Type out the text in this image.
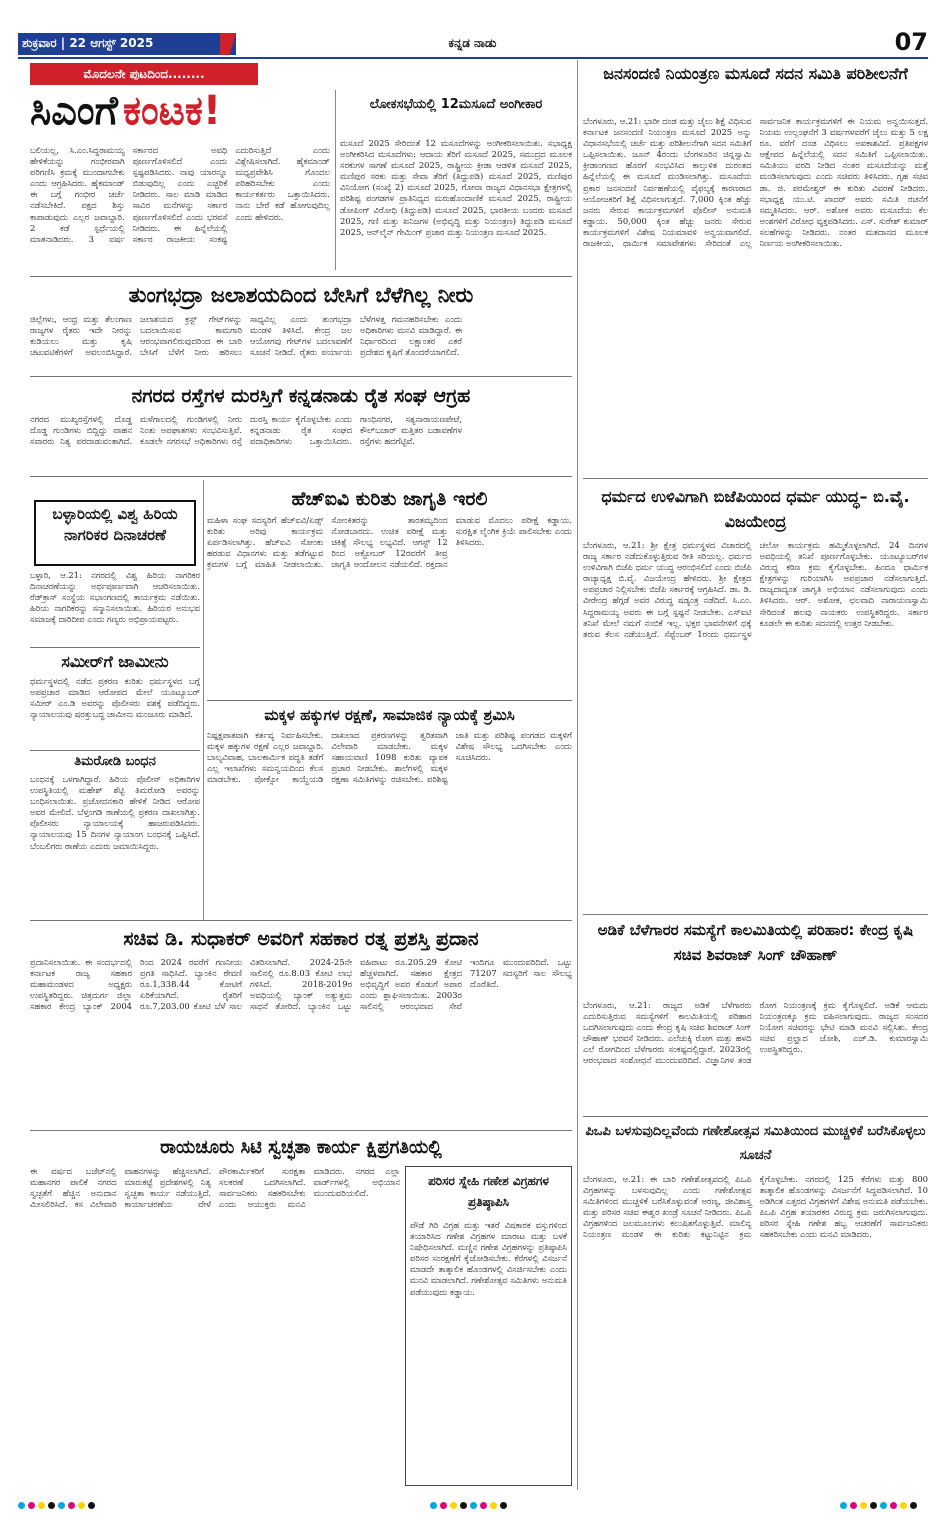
ಶುಕ್ರವಾರ | 22 ಆಗಸ್ಟ್ 2025	ಕನ್ನಡ ನಾಡು	07
ಮೊದಲನೇ ಪುಟದಿಂದ........
ಸಿಎಂಗೆ ಕಂಟಕ!
ಬಲಿಯಲ್ಲ, ಸಿ.ಎಂ.ಸಿದ್ದರಾಮಯ್ಯ ಹೇಳಿಕೆಯನ್ನು ಗಂಭೀರವಾಗಿ ಪರಿಗಣಿಸಿ ಕ್ರಮಕ್ಕೆ ಮುಂದಾಗಬೇಕು ಎಂದು ಆಗ್ರಹಿಸಿದರು. ಹೈಕಮಾಂಡ್ ಈ ಬಗ್ಗೆ ಗಂಭೀರ ಚರ್ಚೆ ನಡೆಸಬೇಕಿದೆ. ಪಕ್ಷದ ಶಿಸ್ತು ಕಾಪಾಡುವುದು ಎಲ್ಲರ ಜವಾಬ್ದಾರಿ. 2 ಕಡೆ ಸ್ಪರ್ಧೆಯಲ್ಲಿ ಮಾತನಾಡಿದರು. 3 ವರ್ಷ ಸರ್ಕಾರದ ಅವಧಿ ಪೂರ್ಣಗೊಳಿಸಲಿದೆ ಎಂದು ಸ್ಪಷ್ಟಪಡಿಸಿದರು. ನಾವು ಯಾರನ್ನೂ ಬಿಡುವುದಿಲ್ಲ ಎಂದು ಎಚ್ಚರಿಕೆ ನೀಡಿದರು. ಸಾಲ ಮಾಡಿ ಮಾಡಿದ ಸಾವಿರ ಮನೆಗಳನ್ನು ಸರ್ಕಾರ ಪೂರ್ಣಗೊಳಿಸಲಿದೆ ಎಂದು ಭರವಸೆ ನೀಡಿದರು. ಈ ಹಿನ್ನೆಲೆಯಲ್ಲಿ ಸರ್ಕಾರ ರಾಜಕೀಯ ಸಂಕಷ್ಟ ಎದುರಿಸುತ್ತಿದೆ ಎಂದು ವಿಶ್ಲೇಷಿಸಲಾಗಿದೆ. ಹೈಕಮಾಂಡ್ ಮಧ್ಯಪ್ರವೇಶಿಸಿ ಗೊಂದಲ ಪರಿಹರಿಸಬೇಕು ಎಂದು ಕಾರ್ಯಕರ್ತರು ಒತ್ತಾಯಿಸಿದರು. ನಾನು ಬೇರೆ ಕಡೆ ಹೋಗುವುದಿಲ್ಲ ಎಂದು ಹೇಳಿದರು.
ಲೋಕಸಭೆಯಲ್ಲಿ 12ಮಸೂದೆ ಅಂಗೀಕಾರ
ಮಸೂದೆ 2025 ಸೇರಿದಂತೆ 12 ಮಸೂದೆಗಳನ್ನು ಅಂಗೀಕರಿಸಲಾಯಿತು. ಸಭಾಧ್ಯಕ್ಷ ಅಂಗೀಕರಿಸಿದ ಮಸೂದೆಗಳು: ಆದಾಯ ತೆರಿಗೆ ಮಸೂದೆ 2025, ಸಮುದ್ರದ ಮೂಲಕ ಸರಕುಗಳ ಸಾಗಣೆ ಮಸೂದೆ 2025, ರಾಷ್ಟ್ರೀಯ ಕ್ರೀಡಾ ಆಡಳಿತ ಮಸೂದೆ 2025, ಮಣಿಪುರ ಸರಕು ಮತ್ತು ಸೇವಾ ತೆರಿಗೆ (ತಿದ್ದುಪಡಿ) ಮಸೂದೆ 2025, ಮಣಿಪುರ ವಿನಿಯೋಗ (ಸಂಖ್ಯೆ 2) ಮಸೂದೆ 2025, ಗೋವಾ ರಾಜ್ಯದ ವಿಧಾನಸಭಾ ಕ್ಷೇತ್ರಗಳಲ್ಲಿ ಪರಿಶಿಷ್ಟ ಪಂಗಡಗಳ ಪ್ರಾತಿನಿಧ್ಯದ ಮರುಹೊಂದಾಣಿಕೆ ಮಸೂದೆ 2025, ರಾಷ್ಟ್ರೀಯ ಡೋಪಿಂಗ್ ವಿರೋಧಿ (ತಿದ್ದುಪಡಿ) ಮಸೂದೆ 2025, ಭಾರತೀಯ ಬಂದರು ಮಸೂದೆ 2025, ಗಣಿ ಮತ್ತು ಖನಿಜಗಳ (ಅಭಿವೃದ್ಧಿ ಮತ್ತು ನಿಯಂತ್ರಣ) ತಿದ್ದುಪಡಿ ಮಸೂದೆ 2025, ಆನ್‌ಲೈನ್ ಗೇಮಿಂಗ್ ಪ್ರಚಾರ ಮತ್ತು ನಿಯಂತ್ರಣ ಮಸೂದೆ 2025.
ತುಂಗಭದ್ರಾ ಜಲಾಶಯದಿಂದ ಬೇಸಿಗೆ ಬೆಳೆಗಿಲ್ಲ ನೀರು
ಜಿಲ್ಲೆಗಳು, ಆಂಧ್ರ ಮತ್ತು ತೆಲಂಗಾಣ ರಾಜ್ಯಗಳ ರೈತರು ಇದೇ ನೀರನ್ನು ಕುಡಿಯಲು ಮತ್ತು ಕೃಷಿ ಚಟುವಟಿಕೆಗಳಿಗೆ ಅವಲಂಬಿಸಿದ್ದಾರೆ. ಜಲಾಶಯದ ಕ್ರಸ್ಟ್ ಗೇಟ್‌ಗಳನ್ನು ಬದಲಾಯಿಸುವ ಕಾಮಗಾರಿ ಆರಂಭವಾಗಲಿರುವುದರಿಂದ ಈ ಬಾರಿ ಬೇಸಿಗೆ ಬೆಳೆಗೆ ನೀರು ಹರಿಸಲು ಸಾಧ್ಯವಿಲ್ಲ ಎಂದು ತುಂಗಭದ್ರಾ ಮಂಡಳಿ ತಿಳಿಸಿದೆ. ಕೇಂದ್ರ ಜಲ ಆಯೋಗವು ಗೇಟ್‌ಗಳ ಬದಲಾವಣೆಗೆ ಸೂಚನೆ ನೀಡಿದೆ. ರೈತರು ಪರ್ಯಾಯ ಬೆಳೆಗಳತ್ತ ಗಮನಹರಿಸಬೇಕು ಎಂದು ಅಧಿಕಾರಿಗಳು ಮನವಿ ಮಾಡಿದ್ದಾರೆ. ಈ ನಿರ್ಧಾರದಿಂದ ಲಕ್ಷಾಂತರ ಎಕರೆ ಪ್ರದೇಶದ ಕೃಷಿಗೆ ತೊಂದರೆಯಾಗಲಿದೆ.
ನಗರದ ರಸ್ತೆಗಳ ದುರಸ್ತಿಗೆ ಕನ್ನಡನಾಡು ರೈತ ಸಂಘ ಆಗ್ರಹ
ನಗರದ ಮುಖ್ಯರಸ್ತೆಗಳಲ್ಲಿ ದೊಡ್ಡ ದೊಡ್ಡ ಗುಂಡಿಗಳು ಬಿದ್ದಿದ್ದು ವಾಹನ ಸವಾರರು ನಿತ್ಯ ಪರದಾಡುವಂತಾಗಿದೆ. ಮಳೆಗಾಲದಲ್ಲಿ ಗುಂಡಿಗಳಲ್ಲಿ ನೀರು ನಿಂತು ಅಪಘಾತಗಳು ಸಂಭವಿಸುತ್ತಿವೆ. ಕೂಡಲೇ ನಗರಸಭೆ ಅಧಿಕಾರಿಗಳು ರಸ್ತೆ ದುರಸ್ತಿ ಕಾರ್ಯ ಕೈಗೊಳ್ಳಬೇಕು ಎಂದು ಕನ್ನಡನಾಡು ರೈತ ಸಂಘದ ಪದಾಧಿಕಾರಿಗಳು ಒತ್ತಾಯಿಸಿದರು. ಗಾಂಧಿನಗರ, ಸತ್ಯನಾರಾಯಣಪೇಟೆ, ಕೌಲ್‌ಬಜಾರ್ ಮತ್ತಿತರ ಬಡಾವಣೆಗಳ ರಸ್ತೆಗಳು ಹದಗೆಟ್ಟಿವೆ.
ಬಳ್ಳಾರಿಯಲ್ಲಿ ವಿಶ್ವ ಹಿರಿಯ ನಾಗರಿಕರ ದಿನಾಚರಣೆ
ಬಳ್ಳಾರಿ, ಆ.21: ನಗರದಲ್ಲಿ ವಿಶ್ವ ಹಿರಿಯ ನಾಗರಿಕರ ದಿನಾಚರಣೆಯನ್ನು ಅರ್ಥಪೂರ್ಣವಾಗಿ ಆಚರಿಸಲಾಯಿತು. ರೆಡ್‌ಕ್ರಾಸ್ ಸಂಸ್ಥೆಯ ಸಭಾಂಗಣದಲ್ಲಿ ಕಾರ್ಯಕ್ರಮ ನಡೆಯಿತು. ಹಿರಿಯ ನಾಗರಿಕರನ್ನು ಸನ್ಮಾನಿಸಲಾಯಿತು. ಹಿರಿಯರ ಅನುಭವ ಸಮಾಜಕ್ಕೆ ದಾರಿದೀಪ ಎಂದು ಗಣ್ಯರು ಅಭಿಪ್ರಾಯಪಟ್ಟರು.
ಸಮೀರ್‌ಗೆ ಜಾಮೀನು
ಧರ್ಮಸ್ಥಳದಲ್ಲಿ ನಡೆದ ಪ್ರಕರಣ ಕುರಿತು ಧರ್ಮಸ್ಥಳದ ಬಗ್ಗೆ ಅಪಪ್ರಚಾರ ಮಾಡಿದ ಆರೋಪದ ಮೇಲೆ ಯೂಟ್ಯೂಬರ್ ಸಮೀರ್ ಎಂ.ಡಿ ಅವರನ್ನು ಪೊಲೀಸರು ವಶಕ್ಕೆ ಪಡೆದಿದ್ದರು. ನ್ಯಾಯಾಲಯವು ಷರತ್ತುಬದ್ಧ ಜಾಮೀನು ಮಂಜೂರು ಮಾಡಿದೆ.
ತಿಮರೋಡಿ ಬಂಧನ
ಬಂಧನಕ್ಕೆ ಒಳಗಾಗಿದ್ದಾರೆ. ಹಿರಿಯ ಪೊಲೀಸ್ ಅಧಿಕಾರಿಗಳ ಉಪಸ್ಥಿತಿಯಲ್ಲಿ ಮಹೇಶ್ ಶೆಟ್ಟಿ ತಿಮರೋಡಿ ಅವರನ್ನು ಬಂಧಿಸಲಾಯಿತು. ಪ್ರಚೋದನಕಾರಿ ಹೇಳಿಕೆ ನೀಡಿದ ಆರೋಪ ಅವರ ಮೇಲಿದೆ. ಬೆಳ್ತಂಗಡಿ ಠಾಣೆಯಲ್ಲಿ ಪ್ರಕರಣ ದಾಖಲಾಗಿತ್ತು. ಪೊಲೀಸರು ನ್ಯಾಯಾಲಯಕ್ಕೆ ಹಾಜರುಪಡಿಸಿದರು. ನ್ಯಾಯಾಲಯವು 15 ದಿನಗಳ ನ್ಯಾಯಾಂಗ ಬಂಧನಕ್ಕೆ ಒಪ್ಪಿಸಿದೆ. ಬೆಂಬಲಿಗರು ಠಾಣೆಯ ಎದುರು ಜಮಾಯಿಸಿದ್ದರು.
ಹೆಚ್‌ಐವಿ ಕುರಿತು ಜಾಗೃತಿ ಇರಲಿ
ಮಹಿಳಾ ಸಂಘ ಸದಸ್ಯರಿಗೆ ಹೆಚ್‌ಐವಿ/ಏಡ್ಸ್ ಕುರಿತು ಅರಿವು ಕಾರ್ಯಕ್ರಮ ಏರ್ಪಡಿಸಲಾಗಿತ್ತು. ಹೆಚ್‌ಐವಿ ಸೋಂಕು ಹರಡುವ ವಿಧಾನಗಳು ಮತ್ತು ತಡೆಗಟ್ಟುವ ಕ್ರಮಗಳ ಬಗ್ಗೆ ಮಾಹಿತಿ ನೀಡಲಾಯಿತು. ಸೋಂಕಿತರನ್ನು ತಾರತಮ್ಯದಿಂದ ನೋಡಬಾರದು. ಉಚಿತ ಪರೀಕ್ಷೆ ಮತ್ತು ಚಿಕಿತ್ಸೆ ಸೌಲಭ್ಯ ಲಭ್ಯವಿದೆ. ಆಗಸ್ಟ್ 12 ರಿಂದ ಅಕ್ಟೋಬರ್ 12ರವರೆಗೆ ತೀವ್ರ ಜಾಗೃತಿ ಆಂದೋಲನ ನಡೆಯಲಿದೆ. ರಕ್ತದಾನ ಮಾಡುವ ಮೊದಲು ಪರೀಕ್ಷೆ ಕಡ್ಡಾಯ. ಸುರಕ್ಷಿತ ಲೈಂಗಿಕ ಕ್ರಿಯೆ ಪಾಲಿಸಬೇಕು ಎಂದು ತಿಳಿಸಿದರು.
ಮಕ್ಕಳ ಹಕ್ಕುಗಳ ರಕ್ಷಣೆ, ಸಾಮಾಜಿಕ ನ್ಯಾಯಕ್ಕೆ ಶ್ರಮಿಸಿ
ನಿಷ್ಪಕ್ಷಪಾತವಾಗಿ ಕರ್ತವ್ಯ ನಿರ್ವಹಿಸಬೇಕು. ಮಕ್ಕಳ ಹಕ್ಕುಗಳ ರಕ್ಷಣೆ ಎಲ್ಲರ ಜವಾಬ್ದಾರಿ. ಬಾಲ್ಯವಿವಾಹ, ಬಾಲಕಾರ್ಮಿಕ ಪದ್ಧತಿ ತಡೆಗೆ ಎಲ್ಲ ಇಲಾಖೆಗಳು ಸಮನ್ವಯದಿಂದ ಕೆಲಸ ಮಾಡಬೇಕು. ಪೋಕ್ಸೋ ಕಾಯ್ದೆಯಡಿ ದಾಖಲಾದ ಪ್ರಕರಣಗಳನ್ನು ತ್ವರಿತವಾಗಿ ವಿಲೇವಾರಿ ಮಾಡಬೇಕು. ಮಕ್ಕಳ ಸಹಾಯವಾಣಿ 1098 ಕುರಿತು ವ್ಯಾಪಕ ಪ್ರಚಾರ ನೀಡಬೇಕು. ಶಾಲೆಗಳಲ್ಲಿ ಮಕ್ಕಳ ರಕ್ಷಣಾ ಸಮಿತಿಗಳನ್ನು ರಚಿಸಬೇಕು. ಪರಿಶಿಷ್ಟ ಜಾತಿ ಮತ್ತು ಪರಿಶಿಷ್ಟ ಪಂಗಡದ ಮಕ್ಕಳಿಗೆ ವಿಶೇಷ ಸೌಲಭ್ಯ ಒದಗಿಸಬೇಕು ಎಂದು ಸೂಚಿಸಿದರು.
ಸಚಿವ ಡಿ. ಸುಧಾಕರ್ ಅವರಿಗೆ ಸಹಕಾರ ರತ್ನ ಪ್ರಶಸ್ತಿ ಪ್ರದಾನ
ಪ್ರದಾನಿಸಲಾಯಿತು. ಈ ಸಂದರ್ಭದಲ್ಲಿ ಕರ್ನಾಟಕ ರಾಜ್ಯ ಸಹಕಾರ ಮಹಾಮಂಡಳದ ಅಧ್ಯಕ್ಷರು ಉಪಸ್ಥಿತರಿದ್ದರು. ಚಿತ್ರದುರ್ಗ ಜಿಲ್ಲಾ ಸಹಕಾರ ಕೇಂದ್ರ ಬ್ಯಾಂಕ್ 2004 ರಿಂದ 2024 ರವರೆಗೆ ಗಣನೀಯ ಪ್ರಗತಿ ಸಾಧಿಸಿದೆ. ಬ್ಯಾಂಕಿನ ಠೇವಣಿ ರೂ.1,338.44 ಕೋಟಿಗೆ ಏರಿಕೆಯಾಗಿದೆ. ರೈತರಿಗೆ ರೂ.7,203.00 ಕೋಟಿ ಬೆಳೆ ಸಾಲ ವಿತರಿಸಲಾಗಿದೆ. 2024-25ನೇ ಸಾಲಿನಲ್ಲಿ ರೂ.8.03 ಕೋಟಿ ಲಾಭ ಗಳಿಸಿದೆ. 2018-2019ರ ಅವಧಿಯಲ್ಲಿ ಬ್ಯಾಂಕ್ ಅತ್ಯುತ್ತಮ ಸಾಧನೆ ತೋರಿದೆ. ಬ್ಯಾಂಕಿನ ಒಟ್ಟು ವಹಿವಾಟು ರೂ.205.29 ಕೋಟಿ ಹೆಚ್ಚಳವಾಗಿದೆ. ಸಹಕಾರ ಕ್ಷೇತ್ರದ ಅಭಿವೃದ್ಧಿಗೆ ಅವರ ಕೊಡುಗೆ ಅಪಾರ ಎಂದು ಶ್ಲಾಘಿಸಲಾಯಿತು. 2003ರ ಸಾಲಿನಲ್ಲಿ ಆರಂಭವಾದ ಸೇವೆ ಇಂದಿಗೂ ಮುಂದುವರಿದಿದೆ. ಒಟ್ಟು 71207 ಸದಸ್ಯರಿಗೆ ಸಾಲ ಸೌಲಭ್ಯ ದೊರೆತಿದೆ.
ರಾಯಚೂರು ಸಿಟಿ ಸ್ವಚ್ಛತಾ ಕಾರ್ಯ ಕ್ಷಿಪ್ರಗತಿಯಲ್ಲಿ
ಈ ವರ್ಷದ ಬಜೆಟ್‌ನಲ್ಲಿ ಮಹಾನಗರ ಪಾಲಿಕೆ ನಗರದ ಸ್ವಚ್ಛತೆಗೆ ಹೆಚ್ಚಿನ ಅನುದಾನ ಮೀಸಲಿರಿಸಿದೆ. ಕಸ ವಿಲೇವಾರಿ ವಾಹನಗಳನ್ನು ಹೆಚ್ಚಿಸಲಾಗಿದೆ. ಮಾರುಕಟ್ಟೆ ಪ್ರದೇಶಗಳಲ್ಲಿ ನಿತ್ಯ ಸ್ವಚ್ಛತಾ ಕಾರ್ಯ ನಡೆಯುತ್ತಿದೆ. ಕಾರ್ಯಾಚರಣೆಯ ವೇಳೆ ಪೌರಕಾರ್ಮಿಕರಿಗೆ ಸುರಕ್ಷತಾ ಸಲಕರಣೆ ಒದಗಿಸಲಾಗಿದೆ. ಸಾರ್ವಜನಿಕರು ಸಹಕರಿಸಬೇಕು ಎಂದು ಆಯುಕ್ತರು ಮನವಿ ಮಾಡಿದರು. ನಗರದ ಎಲ್ಲಾ ವಾರ್ಡ್‌ಗಳಲ್ಲಿ ಅಭಿಯಾನ ಮುಂದುವರಿಯಲಿದೆ.
ಪರಿಸರ ಸ್ನೇಹಿ ಗಣೇಶ ವಿಗ್ರಹಗಳ ಪ್ರತಿಷ್ಠಾಪಿಸಿ
ಪೌಡೆ ಗಿರಿ ವಿಗ್ರಹ ಮತ್ತು ಇತರೆ ವಿಷಕಾರಕ ವಸ್ತುಗಳಿಂದ ತಯಾರಿಸಿದ ಗಣೇಶ ವಿಗ್ರಹಗಳ ಮಾರಾಟ ಮತ್ತು ಬಳಕೆ ನಿಷೇಧಿಸಲಾಗಿದೆ. ಮಣ್ಣಿನ ಗಣೇಶ ವಿಗ್ರಹಗಳನ್ನು ಪ್ರತಿಷ್ಠಾಪಿಸಿ ಪರಿಸರ ಸಂರಕ್ಷಣೆಗೆ ಕೈಜೋಡಿಸಬೇಕು. ಕೆರೆಗಳಲ್ಲಿ ವಿಸರ್ಜನೆ ಮಾಡದೇ ತಾತ್ಕಾಲಿಕ ಹೊಂಡಗಳಲ್ಲಿ ವಿಸರ್ಜಿಸಬೇಕು ಎಂದು ಮನವಿ ಮಾಡಲಾಗಿದೆ. ಗಣೇಶೋತ್ಸವ ಸಮಿತಿಗಳು ಅನುಮತಿ ಪಡೆಯುವುದು ಕಡ್ಡಾಯ.
ಜನಸಂದಣಿ ನಿಯಂತ್ರಣ ಮಸೂದೆ ಸದನ ಸಮಿತಿ ಪರಿಶೀಲನೆಗೆ
ಬೆಂಗಳೂರು, ಆ.21: ಭಾರೀ ದಂಡ ಮತ್ತು ಜೈಲು ಶಿಕ್ಷೆ ವಿಧಿಸುವ ಕರ್ನಾಟಕ ಜನಸಂದಣಿ ನಿಯಂತ್ರಣ ಮಸೂದೆ 2025 ಅನ್ನು ವಿಧಾನಸಭೆಯಲ್ಲಿ ಚರ್ಚೆ ಮತ್ತು ಪರಿಶೀಲನೆಗಾಗಿ ಸದನ ಸಮಿತಿಗೆ ಒಪ್ಪಿಸಲಾಯಿತು. ಜೂನ್ 4ರಂದು ಬೆಂಗಳೂರಿನ ಚಿನ್ನಸ್ವಾಮಿ ಕ್ರೀಡಾಂಗಣದ ಹೊರಗೆ ಸಂಭವಿಸಿದ ಕಾಲ್ತುಳಿತ ದುರಂತದ ಹಿನ್ನೆಲೆಯಲ್ಲಿ ಈ ಮಸೂದೆ ಮಂಡಿಸಲಾಗಿತ್ತು. ಮಸೂದೆಯ ಪ್ರಕಾರ ಜನಸಂದಣಿ ನಿರ್ವಹಣೆಯಲ್ಲಿ ವೈಫಲ್ಯಕ್ಕೆ ಕಾರಣರಾದ ಆಯೋಜಕರಿಗೆ ಶಿಕ್ಷೆ ವಿಧಿಸಲಾಗುತ್ತದೆ. 7,000 ಕ್ಕಿಂತ ಹೆಚ್ಚು ಜನರು ಸೇರುವ ಕಾರ್ಯಕ್ರಮಗಳಿಗೆ ಪೊಲೀಸ್ ಅನುಮತಿ ಕಡ್ಡಾಯ. 50,000 ಕ್ಕಿಂತ ಹೆಚ್ಚು ಜನರು ಸೇರುವ ಕಾರ್ಯಕ್ರಮಗಳಿಗೆ ವಿಶೇಷ ನಿಯಮಾವಳಿ ಅನ್ವಯವಾಗಲಿದೆ. ರಾಜಕೀಯ, ಧಾರ್ಮಿಕ ಸಮಾವೇಶಗಳು ಸೇರಿದಂತೆ ಎಲ್ಲ ಸಾರ್ವಜನಿಕ ಕಾರ್ಯಕ್ರಮಗಳಿಗೆ ಈ ನಿಯಮ ಅನ್ವಯಿಸುತ್ತದೆ. ನಿಯಮ ಉಲ್ಲಂಘನೆಗೆ 3 ವರ್ಷಗಳವರೆಗೆ ಜೈಲು ಮತ್ತು 5 ಲಕ್ಷ ರೂ. ವರೆಗೆ ದಂಡ ವಿಧಿಸಲು ಅವಕಾಶವಿದೆ. ಪ್ರತಿಪಕ್ಷಗಳ ಆಕ್ಷೇಪದ ಹಿನ್ನೆಲೆಯಲ್ಲಿ ಸದನ ಸಮಿತಿಗೆ ಒಪ್ಪಿಸಲಾಯಿತು. ಸಮಿತಿಯು ವರದಿ ನೀಡಿದ ನಂತರ ಮಸೂದೆಯನ್ನು ಮತ್ತೆ ಮಂಡಿಸಲಾಗುವುದು ಎಂದು ಸಚಿವರು ತಿಳಿಸಿದರು. ಗೃಹ ಸಚಿವ ಡಾ. ಜಿ. ಪರಮೇಶ್ವರ್ ಈ ಕುರಿತು ವಿವರಣೆ ನೀಡಿದರು. ಸಭಾಧ್ಯಕ್ಷ ಯು.ಟಿ. ಖಾದರ್ ಅವರು ಸಮಿತಿ ರಚನೆಗೆ ಸಮ್ಮತಿಸಿದರು. ಆರ್. ಅಶೋಕ ಅವರು ಮಸೂದೆಯ ಕೆಲ ಅಂಶಗಳಿಗೆ ವಿರೋಧ ವ್ಯಕ್ತಪಡಿಸಿದರು. ಎಸ್. ಸುರೇಶ್ ಕುಮಾರ್ ಸಲಹೆಗಳನ್ನು ನೀಡಿದರು. ನಂತರ ಮತದಾನದ ಮೂಲಕ ನಿರ್ಣಯ ಅಂಗೀಕರಿಸಲಾಯಿತು.
ಧರ್ಮದ ಉಳಿವಿಗಾಗಿ ಬಿಜೆಪಿಯಿಂದ ಧರ್ಮ ಯುದ್ಧ– ಬಿ.ವೈ. ವಿಜಯೇಂದ್ರ
ಬೆಂಗಳೂರು, ಆ.21: ಶ್ರೀ ಕ್ಷೇತ್ರ ಧರ್ಮಸ್ಥಳದ ವಿಚಾರದಲ್ಲಿ ರಾಜ್ಯ ಸರ್ಕಾರ ನಡೆದುಕೊಳ್ಳುತ್ತಿರುವ ರೀತಿ ಸರಿಯಲ್ಲ. ಧರ್ಮದ ಉಳಿವಿಗಾಗಿ ಬಿಜೆಪಿ ಧರ್ಮ ಯುದ್ಧ ಆರಂಭಿಸಲಿದೆ ಎಂದು ಬಿಜೆಪಿ ರಾಜ್ಯಾಧ್ಯಕ್ಷ ಬಿ.ವೈ. ವಿಜಯೇಂದ್ರ ಹೇಳಿದರು. ಶ್ರೀ ಕ್ಷೇತ್ರದ ಅಪಪ್ರಚಾರ ನಿಲ್ಲಿಸಬೇಕು ಬಿಜೆಪಿ ಸರ್ಕಾರಕ್ಕೆ ಆಗ್ರಹಿಸಿದೆ. ಡಾ. ಡಿ. ವೀರೇಂದ್ರ ಹೆಗ್ಗಡೆ ಅವರ ವಿರುದ್ಧ ಷಡ್ಯಂತ್ರ ನಡೆದಿದೆ. ಸಿ.ಎಂ. ಸಿದ್ದರಾಮಯ್ಯ ಅವರು ಈ ಬಗ್ಗೆ ಸ್ಪಷ್ಟನೆ ನೀಡಬೇಕು. ಎಸ್‌ಐಟಿ ತನಿಖೆ ಮೇಲೆ ನಮಗೆ ನಂಬಿಕೆ ಇಲ್ಲ. ಭಕ್ತರ ಭಾವನೆಗಳಿಗೆ ಧಕ್ಕೆ ತರುವ ಕೆಲಸ ನಡೆಯುತ್ತಿದೆ. ಸೆಪ್ಟೆಂಬರ್ 1ರಂದು ಧರ್ಮಸ್ಥಳ ಚಲೋ ಕಾರ್ಯಕ್ರಮ ಹಮ್ಮಿಕೊಳ್ಳಲಾಗಿದೆ. 24 ದಿನಗಳ ಅವಧಿಯಲ್ಲಿ ತನಿಖೆ ಪೂರ್ಣಗೊಳ್ಳಬೇಕು. ಯೂಟ್ಯೂಬರ್‌ಗಳ ವಿರುದ್ಧ ಕಠಿಣ ಕ್ರಮ ಕೈಗೊಳ್ಳಬೇಕು. ಹಿಂದೂ ಧಾರ್ಮಿಕ ಕ್ಷೇತ್ರಗಳನ್ನು ಗುರಿಯಾಗಿಸಿ ಅಪಪ್ರಚಾರ ನಡೆಸಲಾಗುತ್ತಿದೆ. ರಾಜ್ಯದಾದ್ಯಂತ ಜಾಗೃತಿ ಅಭಿಯಾನ ನಡೆಸಲಾಗುವುದು ಎಂದು ತಿಳಿಸಿದರು. ಆರ್. ಅಶೋಕ, ಛಲವಾದಿ ನಾರಾಯಣಸ್ವಾಮಿ ಸೇರಿದಂತೆ ಹಲವು ನಾಯಕರು ಉಪಸ್ಥಿತರಿದ್ದರು. ಸರ್ಕಾರ ಕೂಡಲೇ ಈ ಕುರಿತು ಸದನದಲ್ಲಿ ಉತ್ತರ ನೀಡಬೇಕು.
ಅಡಿಕೆ ಬೆಳೆಗಾರರ ಸಮಸ್ಯೆಗೆ ಕಾಲಮಿತಿಯಲ್ಲಿ ಪರಿಹಾರ: ಕೇಂದ್ರ ಕೃಷಿ ಸಚಿವ ಶಿವರಾಜ್ ಸಿಂಗ್ ಚೌಹಾಣ್
ಬೆಂಗಳೂರು, ಆ.21: ರಾಜ್ಯದ ಅಡಿಕೆ ಬೆಳೆಗಾರರು ಎದುರಿಸುತ್ತಿರುವ ಸಮಸ್ಯೆಗಳಿಗೆ ಕಾಲಮಿತಿಯಲ್ಲಿ ಪರಿಹಾರ ಒದಗಿಸಲಾಗುವುದು ಎಂದು ಕೇಂದ್ರ ಕೃಷಿ ಸಚಿವ ಶಿವರಾಜ್ ಸಿಂಗ್ ಚೌಹಾಣ್ ಭರವಸೆ ನೀಡಿದರು. ಎಲೆಚುಕ್ಕಿ ರೋಗ ಮತ್ತು ಹಳದಿ ಎಲೆ ರೋಗದಿಂದ ಬೆಳೆಗಾರರು ಸಂಕಷ್ಟದಲ್ಲಿದ್ದಾರೆ. 2023ರಲ್ಲಿ ಆರಂಭವಾದ ಸಂಶೋಧನೆ ಮುಂದುವರಿದಿದೆ. ವಿಜ್ಞಾನಿಗಳ ತಂಡ ರೋಗ ನಿಯಂತ್ರಣಕ್ಕೆ ಕ್ರಮ ಕೈಗೊಳ್ಳಲಿದೆ. ಅಡಿಕೆ ಆಮದು ನಿಯಂತ್ರಣಕ್ಕೂ ಕ್ರಮ ವಹಿಸಲಾಗುವುದು. ರಾಜ್ಯದ ಸಂಸದರ ನಿಯೋಗ ಸಚಿವರನ್ನು ಭೇಟಿ ಮಾಡಿ ಮನವಿ ಸಲ್ಲಿಸಿತು. ಕೇಂದ್ರ ಸಚಿವ ಪ್ರಲ್ಹಾದ ಜೋಶಿ, ಎಚ್.ಡಿ. ಕುಮಾರಸ್ವಾಮಿ ಉಪಸ್ಥಿತರಿದ್ದರು.
ಪಿಒಪಿ ಬಳಸುವುದಿಲ್ಲವೆಂದು ಗಣೇಶೋತ್ಸವ ಸಮಿತಿಯಿಂದ ಮುಚ್ಚಳಿಕೆ ಬರೆಸಿಕೊಳ್ಳಲು ಸೂಚನೆ
ಬೆಂಗಳೂರು, ಆ.21: ಈ ಬಾರಿ ಗಣೇಶೋತ್ಸವದಲ್ಲಿ ಪಿಒಪಿ ವಿಗ್ರಹಗಳನ್ನು ಬಳಸುವುದಿಲ್ಲ ಎಂದು ಗಣೇಶೋತ್ಸವ ಸಮಿತಿಗಳಿಂದ ಮುಚ್ಚಳಿಕೆ ಬರೆಸಿಕೊಳ್ಳುವಂತೆ ಅರಣ್ಯ, ಜೀವಿಶಾಸ್ತ್ರ ಮತ್ತು ಪರಿಸರ ಸಚಿವ ಈಶ್ವರ ಖಂಡ್ರೆ ಸೂಚನೆ ನೀಡಿದರು. ಪಿಒಪಿ ವಿಗ್ರಹಗಳಿಂದ ಜಲಮೂಲಗಳು ಕಲುಷಿತಗೊಳ್ಳುತ್ತಿವೆ. ಮಾಲಿನ್ಯ ನಿಯಂತ್ರಣ ಮಂಡಳಿ ಈ ಕುರಿತು ಕಟ್ಟುನಿಟ್ಟಿನ ಕ್ರಮ ಕೈಗೊಳ್ಳಬೇಕು. ನಗರದಲ್ಲಿ 125 ಕೆರೆಗಳು ಮತ್ತು 800 ತಾತ್ಕಾಲಿಕ ಹೊಂಡಗಳನ್ನು ವಿಸರ್ಜನೆಗೆ ಸಿದ್ಧಪಡಿಸಲಾಗಿದೆ. 10 ಅಡಿಗಿಂತ ಎತ್ತರದ ವಿಗ್ರಹಗಳಿಗೆ ವಿಶೇಷ ಅನುಮತಿ ಪಡೆಯಬೇಕು. ಪಿಒಪಿ ವಿಗ್ರಹ ತಯಾರಕರ ವಿರುದ್ಧ ಕ್ರಮ ಜರುಗಿಸಲಾಗುವುದು. ಪರಿಸರ ಸ್ನೇಹಿ ಗಣೇಶ ಹಬ್ಬ ಆಚರಣೆಗೆ ಸಾರ್ವಜನಿಕರು ಸಹಕರಿಸಬೇಕು ಎಂದು ಮನವಿ ಮಾಡಿದರು.
